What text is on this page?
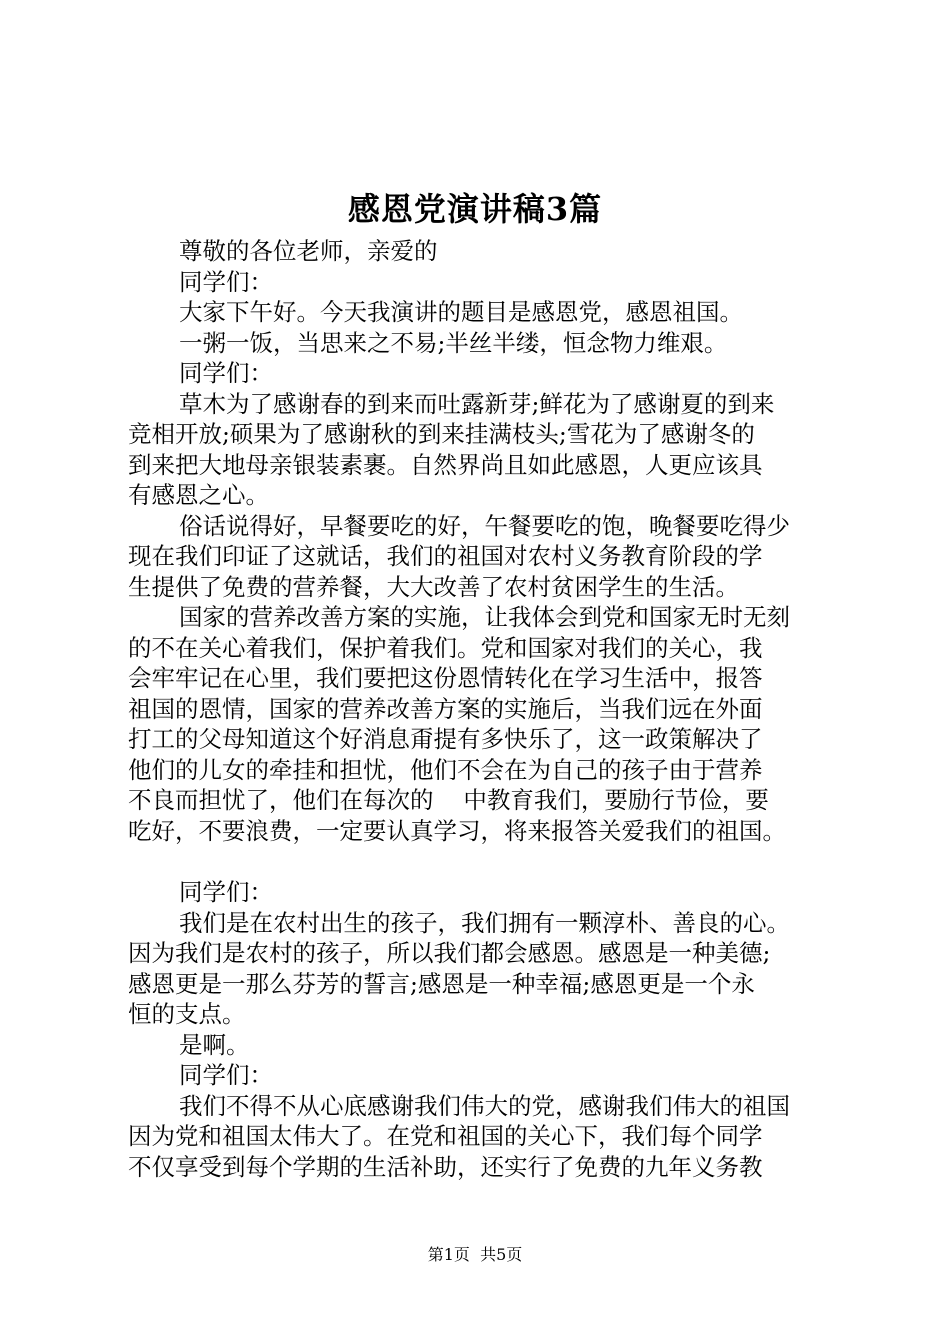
感恩党演讲稿3篇
尊敬的各位老师，亲爱的
同学们：
大家下午好。今天我演讲的题目是感恩党，感恩祖国。
一粥一饭，当思来之不易;半丝半缕，恒念物力维艰。
同学们：
草木为了感谢春的到来而吐露新芽;鲜花为了感谢夏的到来
竞相开放;硕果为了感谢秋的到来挂满枝头;雪花为了感谢冬的
到来把大地母亲银装素裹。自然界尚且如此感恩，人更应该具
有感恩之心。
俗话说得好，早餐要吃的好，午餐要吃的饱，晚餐要吃得少
现在我们印证了这就话，我们的祖国对农村义务教育阶段的学
生提供了免费的营养餐，大大改善了农村贫困学生的生活。
国家的营养改善方案的实施，让我体会到党和国家无时无刻
的不在关心着我们，保护着我们。党和国家对我们的关心，我
会牢牢记在心里，我们要把这份恩情转化在学习生活中，报答
祖国的恩情，国家的营养改善方案的实施后，当我们远在外面
打工的父母知道这个好消息甭提有多快乐了，这一政策解决了
他们的儿女的牵挂和担忧，他们不会在为自己的孩子由于营养
不良而担忧了，他们在每次的    中教育我们，要励行节俭，要
吃好，不要浪费，一定要认真学习，将来报答关爱我们的祖国。
同学们：
我们是在农村出生的孩子，我们拥有一颗淳朴、善良的心。
因为我们是农村的孩子，所以我们都会感恩。感恩是一种美德;
感恩更是一那么芬芳的誓言;感恩是一种幸福;感恩更是一个永
恒的支点。
是啊。
同学们：
我们不得不从心底感谢我们伟大的党，感谢我们伟大的祖国
因为党和祖国太伟大了。在党和祖国的关心下，我们每个同学
不仅享受到每个学期的生活补助，还实行了免费的九年义务教
第1页  共5页
